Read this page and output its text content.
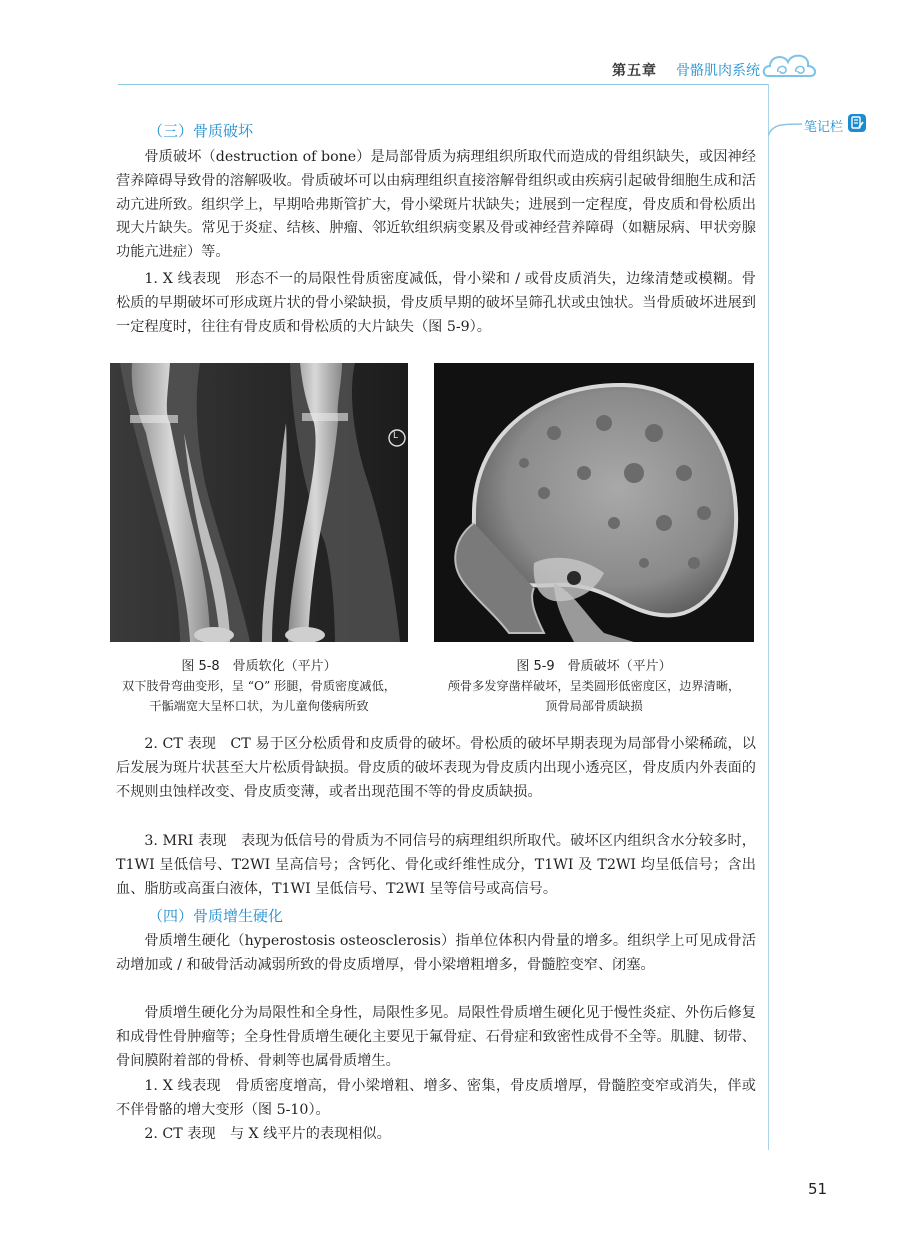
第五章 骨骼肌肉系统
笔记栏
（三）骨质破坏

骨质破坏（destruction of bone）是局部骨质为病理组织所取代而造成的骨组织缺失，或因神经营养障碍导致骨的溶解吸收。骨质破坏可以由病理组织直接溶解骨组织或由疾病引起破骨细胞生成和活动亢进所致。组织学上，早期哈弗斯管扩大，骨小梁斑片状缺失；进展到一定程度，骨皮质和骨松质出现大片缺失。常见于炎症、结核、肿瘤、邻近软组织病变累及骨或神经营养障碍（如糖尿病、甲状旁腺功能亢进症）等。

1. X 线表现　形态不一的局限性骨质密度减低，骨小梁和 / 或骨皮质消失，边缘清楚或模糊。骨松质的早期破坏可形成斑片状的骨小梁缺损，骨皮质早期的破坏呈筛孔状或虫蚀状。当骨质破坏进展到一定程度时，往往有骨皮质和骨松质的大片缺失（图 5-9）。

L
图 5-8　骨质软化（平片）
双下肢骨弯曲变形，呈 “O” 形腿，骨质密度减低，
干骺端宽大呈杯口状，为儿童佝偻病所致
图 5-9　骨质破坏（平片）
颅骨多发穿凿样破坏，呈类圆形低密度区，边界清晰，
顶骨局部骨质缺损

2. CT 表现　CT 易于区分松质骨和皮质骨的破坏。骨松质的破坏早期表现为局部骨小梁稀疏，以后发展为斑片状甚至大片松质骨缺损。骨皮质的破坏表现为骨皮质内出现小透亮区，骨皮质内外表面的不规则虫蚀样改变、骨皮质变薄，或者出现范围不等的骨皮质缺损。

3. MRI 表现　表现为低信号的骨质为不同信号的病理组织所取代。破坏区内组织含水分较多时，T1WI 呈低信号、T2WI 呈高信号；含钙化、骨化或纤维性成分，T1WI 及 T2WI 均呈低信号；含出血、脂肪或高蛋白液体，T1WI 呈低信号、T2WI 呈等信号或高信号。

（四）骨质增生硬化

骨质增生硬化（hyperostosis osteosclerosis）指单位体积内骨量的增多。组织学上可见成骨活动增加或 / 和破骨活动减弱所致的骨皮质增厚，骨小梁增粗增多，骨髓腔变窄、闭塞。

骨质增生硬化分为局限性和全身性，局限性多见。局限性骨质增生硬化见于慢性炎症、外伤后修复和成骨性骨肿瘤等；全身性骨质增生硬化主要见于氟骨症、石骨症和致密性成骨不全等。肌腱、韧带、骨间膜附着部的骨桥、骨刺等也属骨质增生。

1. X 线表现　骨质密度增高，骨小梁增粗、增多、密集，骨皮质增厚，骨髓腔变窄或消失，伴或不伴骨骼的增大变形（图 5-10）。

2. CT 表现　与 X 线平片的表现相似。

51
